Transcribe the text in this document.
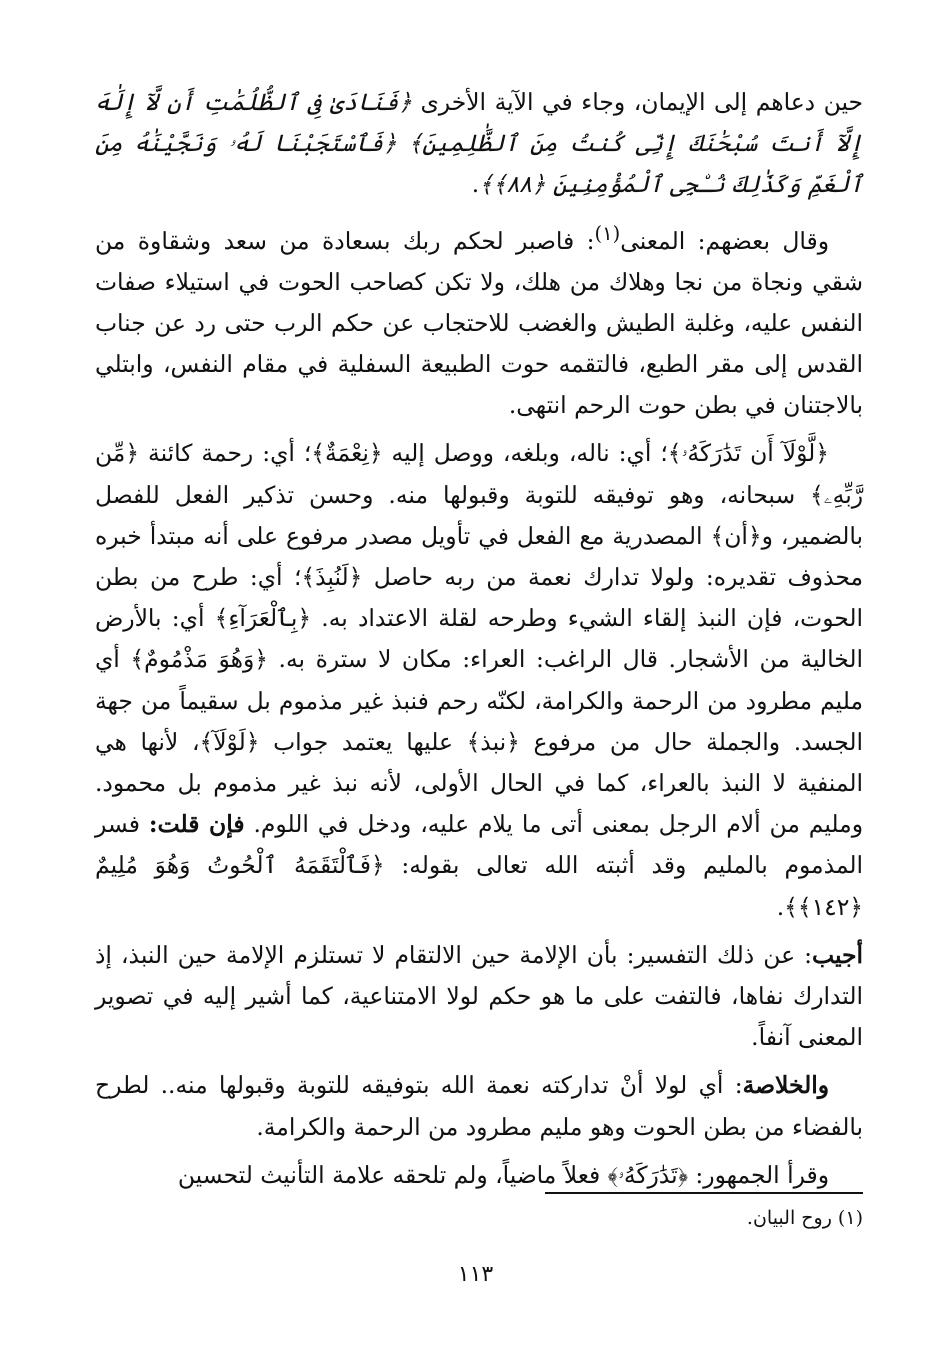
حين دعاهم إلى الإيمان، وجاء في الآية الأخرى ﴿فَنَادَىٰ فِى ٱلظُّلُمَٰتِ أَن لَّآ إِلَٰهَ إِلَّآ أَنتَ سُبْحَٰنَكَ إِنِّى كُنتُ مِنَ ٱلظَّٰلِمِينَ﴾ ﴿فَٱسْتَجَبْنَا لَهُۥ وَنَجَّيْنَٰهُ مِنَ ٱلْغَمِّ وَكَذَٰلِكَ نُـۨجِى ٱلْمُؤْمِنِينَ ﴿٨٨﴾﴾.

وقال بعضهم: المعنى$^{(١)}$: فاصبر لحكم ربك بسعادة من سعد وشقاوة من شقي ونجاة من نجا وهلاك من هلك، ولا تكن كصاحب الحوت في استيلاء صفات النفس عليه، وغلبة الطيش والغضب للاحتجاب عن حكم الرب حتى رد عن جناب القدس إلى مقر الطبع، فالتقمه حوت الطبيعة السفلية في مقام النفس، وابتلي بالاجتنان في بطن حوت الرحم انتهى.

﴿لَّوْلَآ أَن تَدَٰرَكَهُۥ﴾؛ أي: ناله، وبلغه، ووصل إليه ﴿نِعْمَةٌ﴾؛ أي: رحمة كائنة ﴿مِّن رَّبِّهِۦ﴾ سبحانه، وهو توفيقه للتوبة وقبولها منه. وحسن تذكير الفعل للفصل بالضمير، و﴿أن﴾ المصدرية مع الفعل في تأويل مصدر مرفوع على أنه مبتدأ خبره محذوف تقديره: ولولا تدارك نعمة من ربه حاصل ﴿لَنُبِذَ﴾؛ أي: طرح من بطن الحوت، فإن النبذ إلقاء الشيء وطرحه لقلة الاعتداد به. ﴿بِٱلْعَرَآءِ﴾ أي: بالأرض الخالية من الأشجار. قال الراغب: العراء: مكان لا سترة به. ﴿وَهُوَ مَذْمُومٌ﴾ أي مليم مطرود من الرحمة والكرامة، لكنّه رحم فنبذ غير مذموم بل سقيماً من جهة الجسد. والجملة حال من مرفوع ﴿نبذ﴾ عليها يعتمد جواب ﴿لَوْلَآ﴾، لأنها هي المنفية لا النبذ بالعراء، كما في الحال الأولى، لأنه نبذ غير مذموم بل محمود. ومليم من ألام الرجل بمعنى أتى ما يلام عليه، ودخل في اللوم. فإن قلت: فسر المذموم بالمليم وقد أثبته الله تعالى بقوله: ﴿فَٱلْتَقَمَهُ ٱلْحُوتُ وَهُوَ مُلِيمٌ ﴿١٤٢﴾﴾.

أجيب: عن ذلك التفسير: بأن الإلامة حين الالتقام لا تستلزم الإلامة حين النبذ، إذ التدارك نفاها، فالتفت على ما هو حكم لولا الامتناعية، كما أشير إليه في تصوير المعنى آنفاً.

والخلاصة: أي لولا أنْ تداركته نعمة الله بتوفيقه للتوبة وقبولها منه.. لطرح بالفضاء من بطن الحوت وهو مليم مطرود من الرحمة والكرامة.

وقرأ الجمهور: ﴿تَدَٰرَكَهُۥ﴾ فعلاً ماضياً، ولم تلحقه علامة التأنيث لتحسين

(١) روح البيان.
١١٣
